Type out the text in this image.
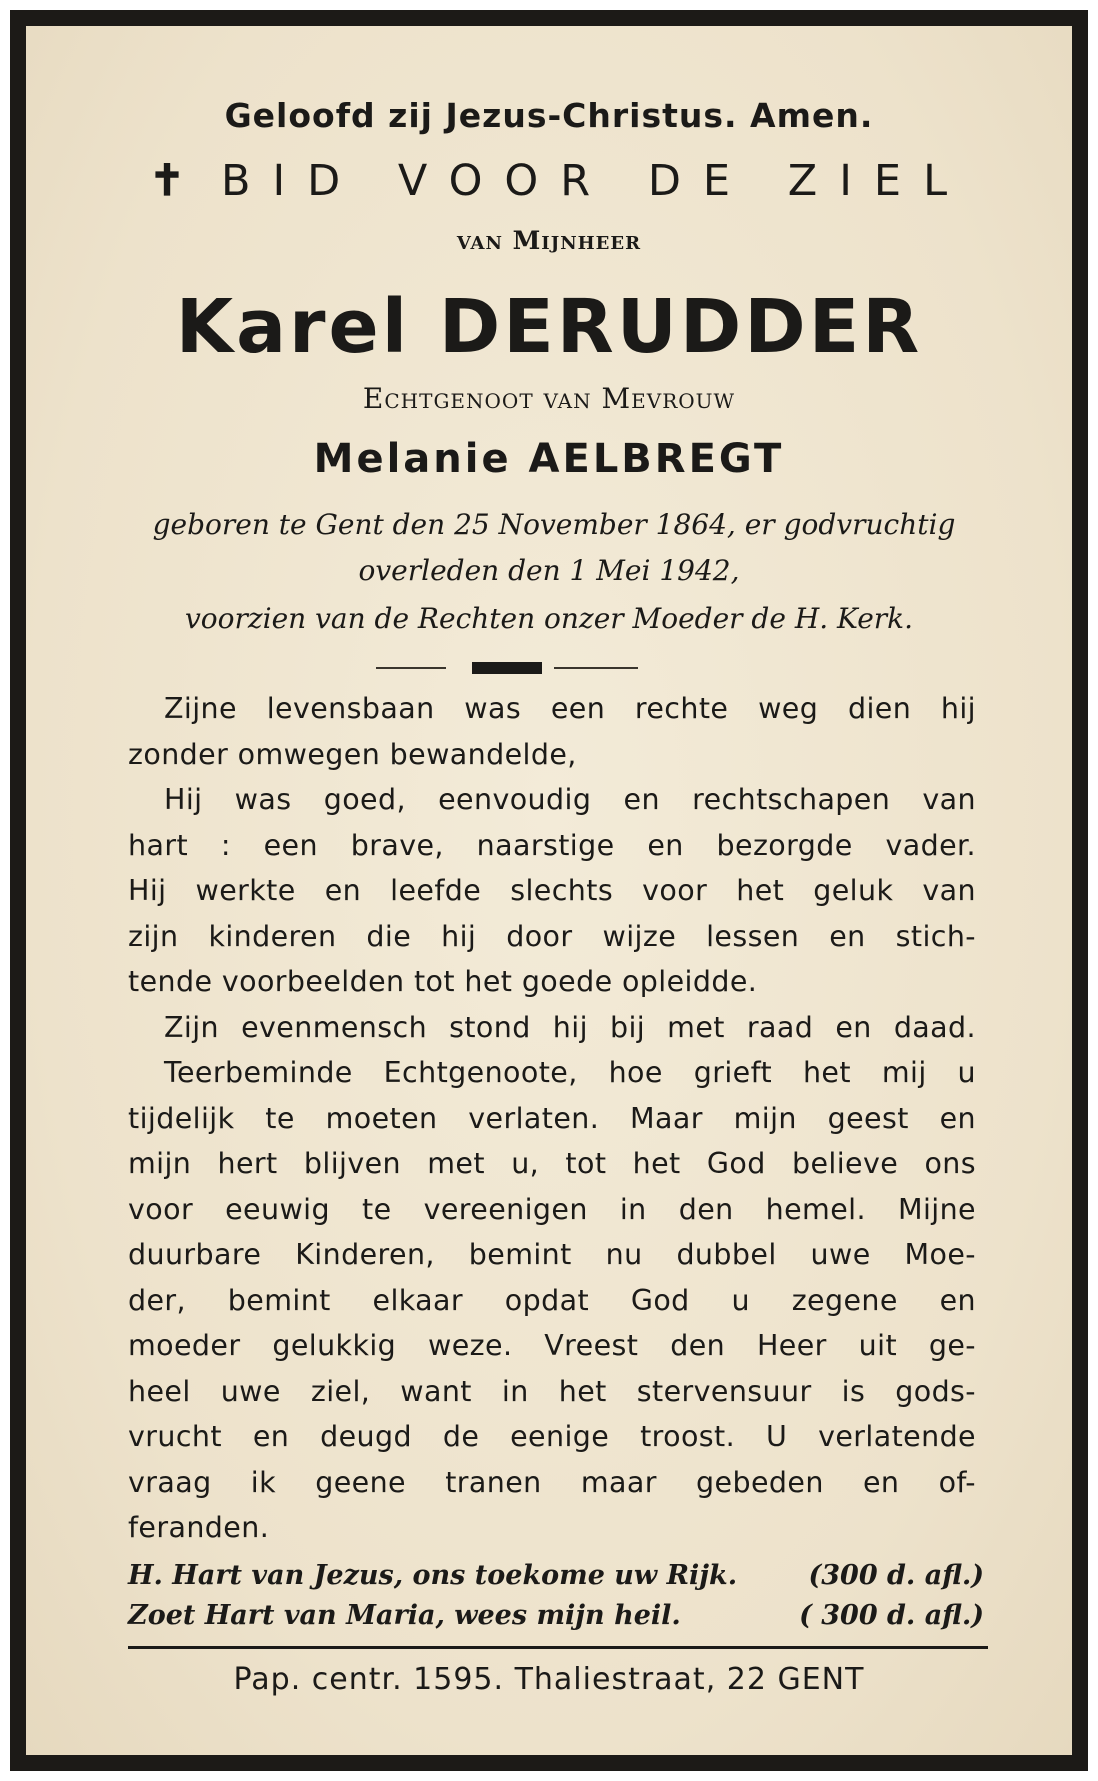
Geloofd zij Jezus-Christus. Amen.
✝ BID VOOR DE ZIEL
van Mijnheer
Karel DERUDDER
Echtgenoot van Mevrouw
Melanie AELBREGT
geboren te Gent den 25 November 1864, er godvruchtig
overleden den 1 Mei 1942,
voorzien van de Rechten onzer Moeder de H. Kerk.
Zijne levensbaan was een rechte weg dien hij
zonder omwegen bewandelde,
Hij was goed, eenvoudig en rechtschapen van
hart : een brave, naarstige en bezorgde vader.
Hij werkte en leefde slechts voor het geluk van
zijn kinderen die hij door wijze lessen en stich-
tende voorbeelden tot het goede opleidde.
Zijn evenmensch stond hij bij met raad en daad.
Teerbeminde Echtgenoote, hoe grieft het mij u
tijdelijk te moeten verlaten. Maar mijn geest en
mijn hert blijven met u, tot het God believe ons
voor eeuwig te vereenigen in den hemel. Mijne
duurbare Kinderen, bemint nu dubbel uwe Moe-
der, bemint elkaar opdat God u zegene en
moeder gelukkig weze. Vreest den Heer uit ge-
heel uwe ziel, want in het stervensuur is gods-
vrucht en deugd de eenige troost. U verlatende
vraag ik geene tranen maar gebeden en of-
feranden.
H. Hart van Jezus, ons toekome uw Rijk.	(300 d. afl.)
Zoet Hart van Maria, wees mijn heil.	( 300 d. afl.)
Pap. centr. 1595. Thaliestraat, 22 GENT
